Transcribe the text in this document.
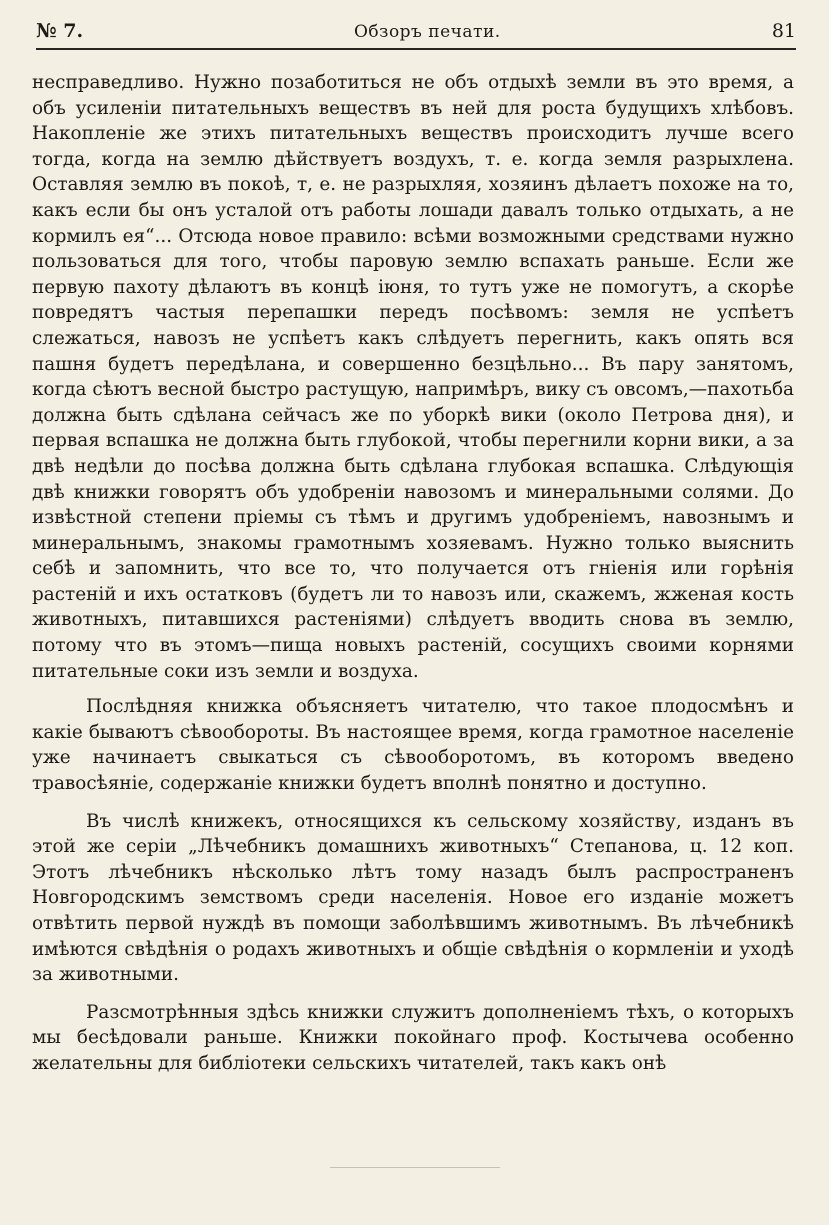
№ 7.	Обзоръ печати.	81

несправедливо. Нужно позаботиться не объ отдыхѣ земли въ это время, а объ усиленіи питательныхъ веществъ въ ней для роста будущихъ хлѣбовъ. Накопленіе же этихъ питательныхъ веществъ происходитъ лучше всего тогда, когда на землю дѣйствуетъ воздухъ, т. е. когда земля разрыхлена. Оставляя землю въ покоѣ, т, е. не разрыхляя, хозяинъ дѣлаетъ похоже на то, какъ если бы онъ усталой отъ работы лошади давалъ только отдыхать, а не кормилъ ея“... Отсюда новое правило: всѣми возможными средствами нужно пользоваться для того, чтобы паровую землю вспахать раньше. Если же первую пахоту дѣлаютъ въ концѣ іюня, то тутъ уже не помогутъ, а скорѣе повредятъ частыя перепашки передъ посѣвомъ: земля не успѣетъ слежаться, навозъ не успѣетъ какъ слѣдуетъ перегнить, какъ опять вся пашня будетъ передѣлана, и совершенно безцѣльно... Въ пару занятомъ, когда сѣютъ весной быстро растущую, напримѣръ, вику съ овсомъ,—пахотьба должна быть сдѣлана сейчасъ же по уборкѣ вики (около Петрова дня), и первая вспашка не должна быть глубокой, чтобы перегнили корни вики, а за двѣ недѣли до посѣва должна быть сдѣлана глубокая вспашка. Слѣдующія двѣ книжки говорятъ объ удобреніи навозомъ и минеральными солями. До извѣстной степени пріемы съ тѣмъ и другимъ удобреніемъ, навознымъ и минеральнымъ, знакомы грамотнымъ хозяевамъ. Нужно только выяснить себѣ и запомнить, что все то, что получается отъ гніенія или горѣнія растеній и ихъ остатковъ (будетъ ли то навозъ или, скажемъ, жженая кость животныхъ, питавшихся растеніями) слѣдуетъ вводить снова въ землю, потому что въ этомъ—пища новыхъ растеній, сосущихъ своими корнями питательные соки изъ земли и воздуха.

Послѣдняя книжка объясняетъ читателю, что такое плодосмѣнъ и какіе бываютъ сѣвообороты. Въ настоящее время, когда грамотное населеніе уже начинаетъ свыкаться съ сѣвооборотомъ, въ которомъ введено травосѣяніе, содержаніе книжки будетъ вполнѣ понятно и доступно.

Въ числѣ книжекъ, относящихся къ сельскому хозяйству, изданъ въ этой же серіи „Лѣчебникъ домашнихъ животныхъ“ Степанова, ц. 12 коп. Этотъ лѣчебникъ нѣсколько лѣтъ тому назадъ былъ распространенъ Новгородскимъ земствомъ среди населенія. Новое его изданіе можетъ отвѣтить первой нуждѣ въ помощи заболѣвшимъ животнымъ. Въ лѣчебникѣ имѣются свѣдѣнія о родахъ животныхъ и общіе свѣдѣнія о кормленіи и уходѣ за животными.

Разсмотрѣнныя здѣсь книжки служитъ дополненіемъ тѣхъ, о которыхъ мы бесѣдовали раньше. Книжки покойнаго проф. Костычева особенно желательны для библіотеки сельскихъ читателей, такъ какъ онѣ
